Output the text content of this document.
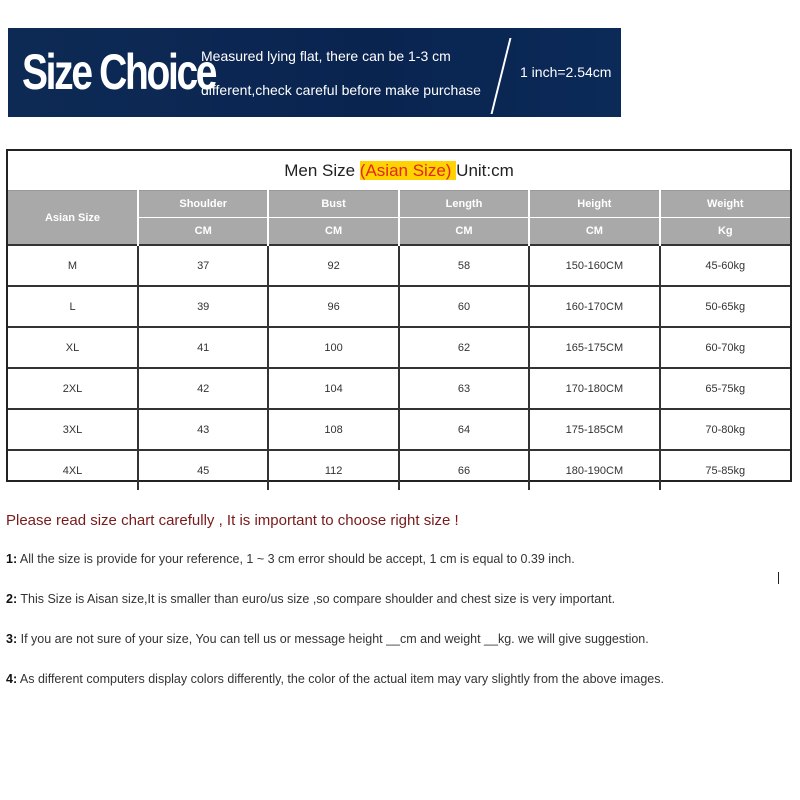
Size Choice
Measured lying flat, there can be 1-3 cm
different,check careful before make purchase
1 inch=2.54cm
Men Size (Asian Size) Unit:cm					
Asian Size	Shoulder	Bust	Length	Height	Weight
	CM	CM	CM	CM	Kg
M	37	92	58	150-160CM	45-60kg
L	39	96	60	160-170CM	50-65kg
XL	41	100	62	165-175CM	60-70kg
2XL	42	104	63	170-180CM	65-75kg
3XL	43	108	64	175-185CM	70-80kg
4XL	45	112	66	180-190CM	75-85kg
Please read size chart carefully , It is important to choose right size !
1: All the size is provide for your reference, 1 ~ 3 cm error should be accept, 1 cm is equal to 0.39 inch.
2: This Size is Aisan size,It is smaller than euro/us size ,so compare shoulder and chest size is very important.
3: If you are not sure of your size, You can tell us or message height __cm and weight __kg. we will give suggestion.
4: As different computers display colors differently, the color of the actual item may vary slightly from the above images.
